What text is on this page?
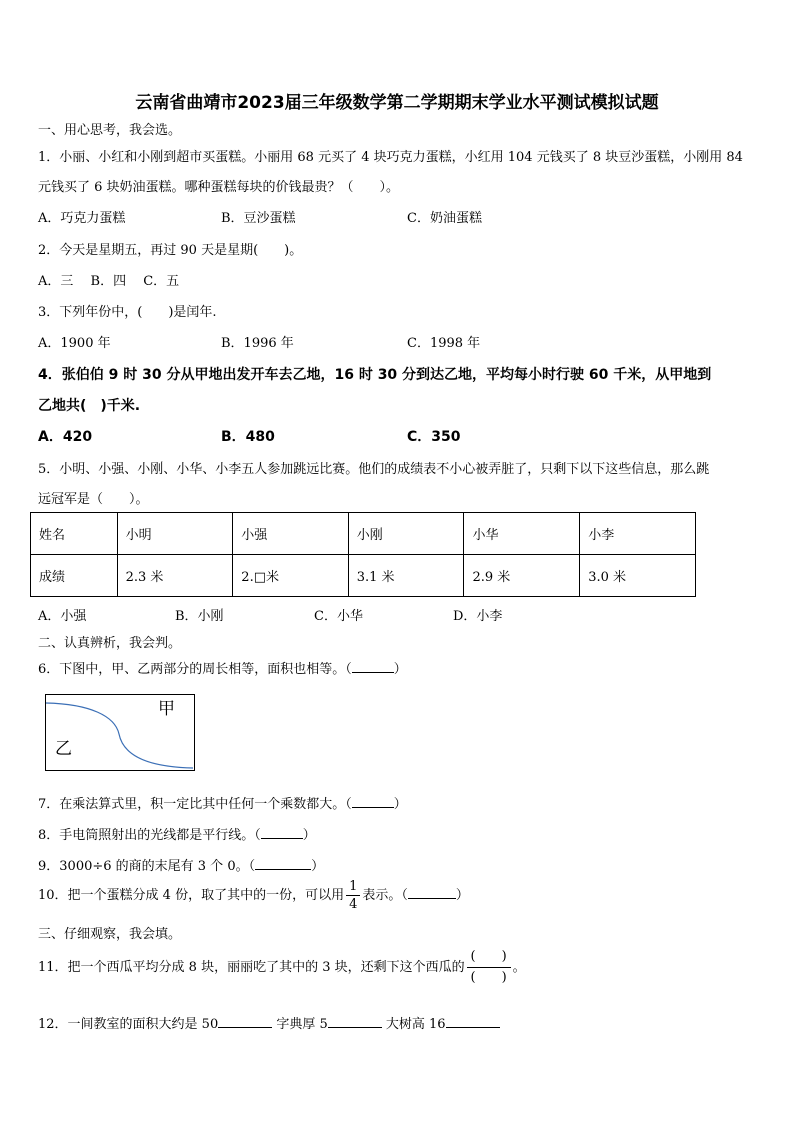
云南省曲靖市2023届三年级数学第二学期期末学业水平测试模拟试题
一、用心思考，我会选。
1．小丽、小红和小刚到超市买蛋糕。小丽用 68 元买了 4 块巧克力蛋糕，小红用 104 元钱买了 8 块豆沙蛋糕，小刚用 84
元钱买了 6 块奶油蛋糕。哪种蛋糕每块的价钱最贵？（　　）。
A．巧克力蛋糕	B．豆沙蛋糕	C．奶油蛋糕
2．今天是星期五，再过 90 天是星期(　　)。
A．三　 B．四　 C．五
3．下列年份中，(　　)是闰年.
A．1900 年	B．1996 年	C．1998 年
4．张伯伯 9 时 30 分从甲地出发开车去乙地，16 时 30 分到达乙地，平均每小时行驶 60 千米，从甲地到
乙地共(　)千米.
A．420	B．480	C．350
5．小明、小强、小刚、小华、小李五人参加跳远比赛。他们的成绩表不小心被弄脏了，只剩下以下这些信息，那么跳
远冠军是（　　）。
姓名	小明	小强	小刚	小华	小李
成绩	2.3 米	2.□米	3.1 米	2.9 米	3.0 米
A．小强	B．小刚	C．小华	D．小李
二、认真辨析，我会判。
6．下图中，甲、乙两部分的周长相等，面积也相等。（	）
甲
乙
7．在乘法算式里，积一定比其中任何一个乘数都大。（	）
8．手电筒照射出的光线都是平行线。（	）
9．3000÷6 的商的末尾有 3 个 0。（	）
10．把一个蛋糕分成 4 份，取了其中的一份，可以用 $\frac{1}{4}$ 表示。（	）
三、仔细观察，我会填。
11．把一个西瓜平均分成 8 块，丽丽吃了其中的 3 块，还剩下这个西瓜的 $\frac{( )}{( )}$ 。
12．一间教室的面积大约是 50	字典厚 5	大树高 16
